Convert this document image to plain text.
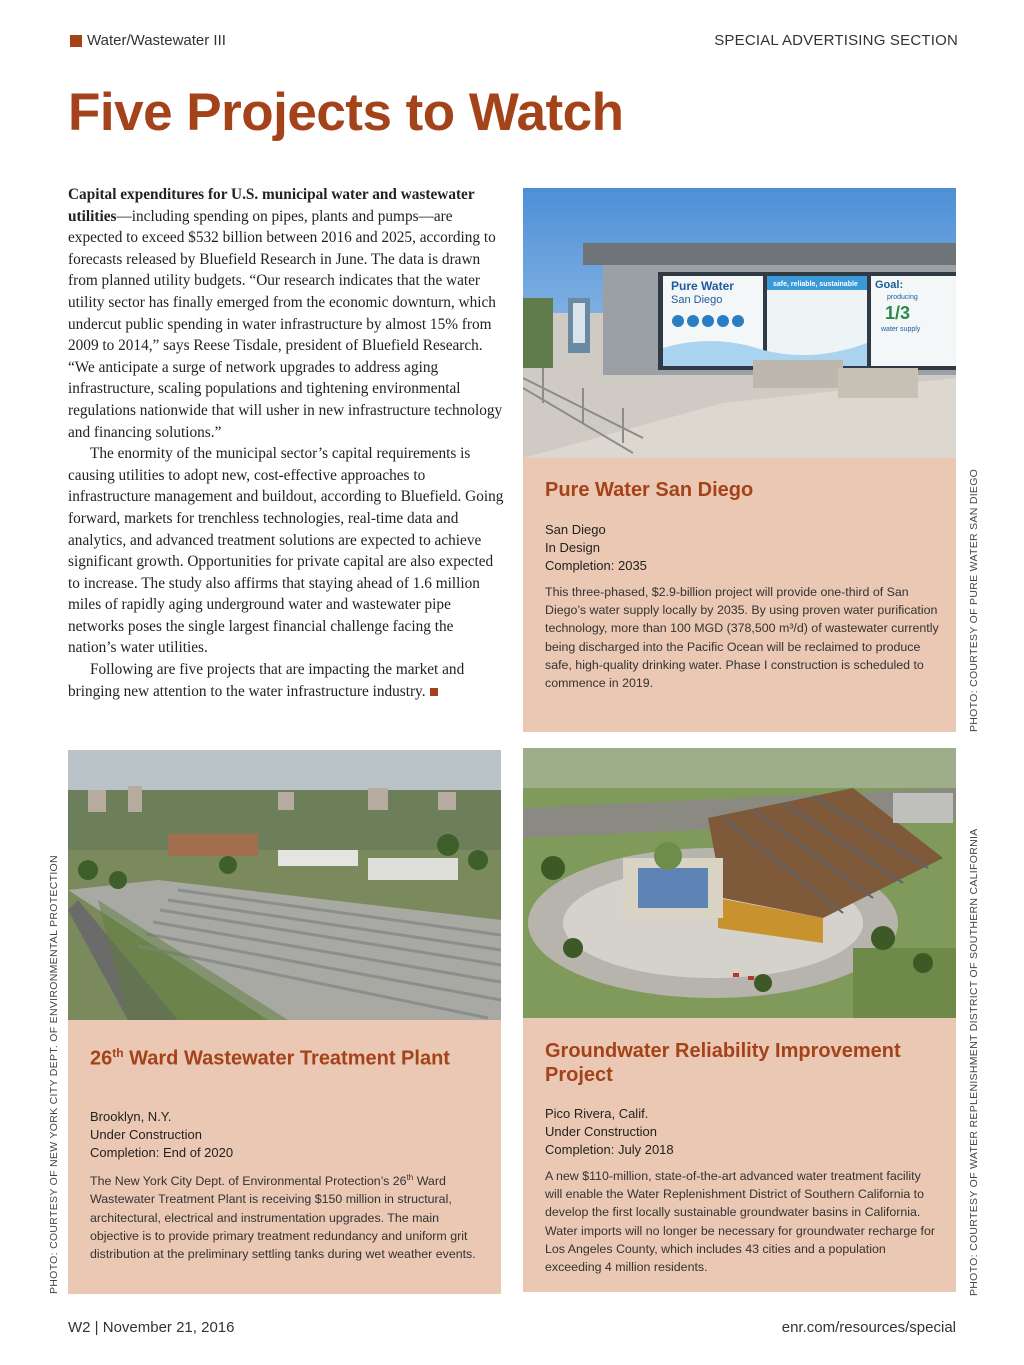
Water/Wastewater III	SPECIAL ADVERTISING SECTION
Five Projects to Watch

Capital expenditures for U.S. municipal water and wastewater utilities—including spending on pipes, plants and pumps—are expected to exceed $532 billion between 2016 and 2025, according to forecasts released by Bluefield Research in June. The data is drawn from planned utility budgets. “Our research indicates that the water utility sector has finally emerged from the economic downturn, which undercut public spending in water infrastructure by almost 15% from 2009 to 2014,” says Reese Tisdale, president of Bluefield Research. “We anticipate a surge of network upgrades to address aging infrastructure, scaling populations and tightening environmental regulations nationwide that will usher in new infrastructure technology and financing solutions.”

The enormity of the municipal sector’s capital requirements is causing utilities to adopt new, cost-effective approaches to infrastructure management and buildout, according to Bluefield. Going forward, markets for trenchless technologies, real-time data and analytics, and advanced treatment solutions are expected to achieve significant growth. Opportunities for private capital are also expected to increase. The study also affirms that staying ahead of 1.6 million miles of rapidly aging underground water and wastewater pipe networks poses the single largest financial challenge facing the nation’s water utilities.

Following are five projects that are impacting the market and bringing new attention to the water infrastructure industry.

Pure Water
San Diego
safe, reliable, sustainable Goal:
producing
1/3
water supply
Pure Water San Diego
San Diego
In Design
Completion: 2035
This three-phased, $2.9-billion project will provide one-third of San Diego’s water supply locally by 2035. By using proven water purification technology, more than 100 MGD (378,500 m³/d) of wastewater currently being discharged into the Pacific Ocean will be reclaimed to produce safe, high-quality drinking water. Phase I construction is scheduled to commence in 2019.	PHOTO: COURTESY OF PURE WATER SAN DIEGO
26th Ward Wastewater Treatment Plant
Brooklyn, N.Y.
Under Construction
Completion: End of 2020
The New York City Dept. of Environmental Protection’s 26th Ward Wastewater Treatment Plant is receiving $150 million in structural, architectural, electrical and instrumentation upgrades. The main objective is to provide primary treatment redundancy and uniform grit distribution at the preliminary settling tanks during wet weather events.
PHOTO: COURTESY OF NEW YORK CITY DEPT. OF ENVIRONMENTAL PROTECTION	Groundwater Reliability Improvement Project
Pico Rivera, Calif.
Under Construction
Completion: July 2018
A new $110-million, state-of-the-art advanced water treatment facility will enable the Water Replenishment District of Southern California to develop the first locally sustainable groundwater basins in California. Water imports will no longer be necessary for groundwater recharge for Los Angeles County, which includes 43 cities and a population exceeding 4 million residents.	PHOTO: COURTESY OF WATER REPLENISHMENT DISTRICT OF SOUTHERN CALIFORNIA
W2 | November 21, 2016	enr.com/resources/special
